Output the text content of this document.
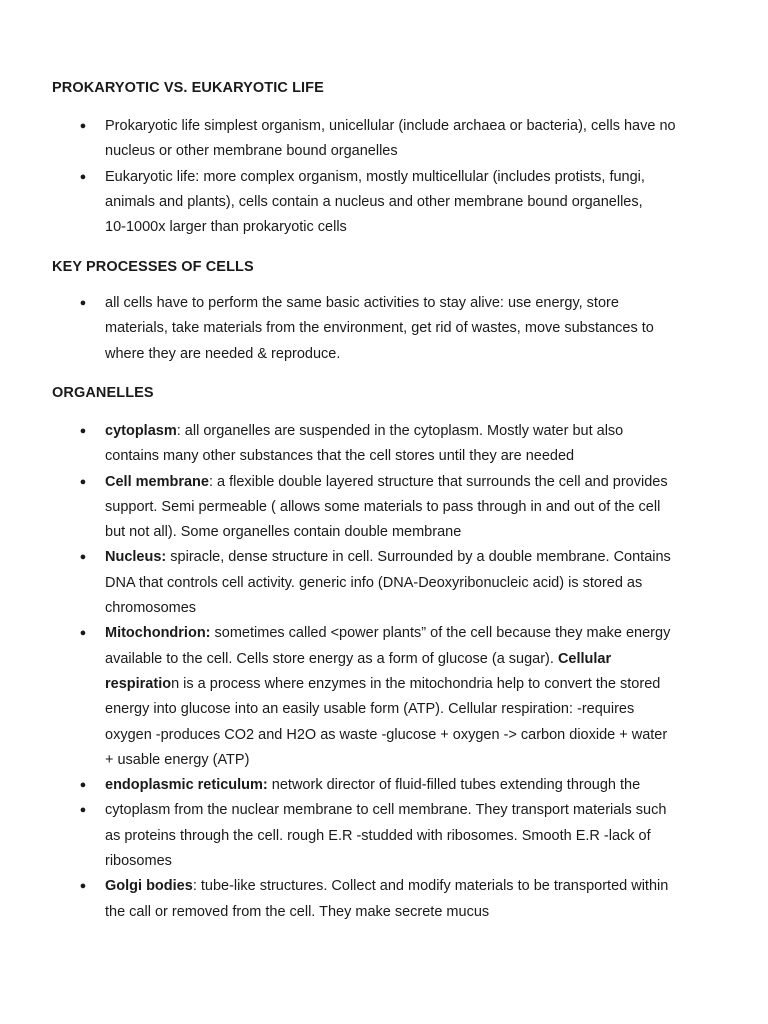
PROKARYOTIC VS. EUKARYOTIC LIFE
● Prokaryotic life simplest organism, unicellular (include archaea or bacteria), cells have no
nucleus or other membrane bound organelles
● Eukaryotic life: more complex organism, mostly multicellular (includes protists, fungi,
animals and plants), cells contain a nucleus and other membrane bound organelles,
10-1000x larger than prokaryotic cells
KEY PROCESSES OF CELLS
● all cells have to perform the same basic activities to stay alive: use energy, store
materials, take materials from the environment, get rid of wastes, move substances to
where they are needed & reproduce.
ORGANELLES
● cytoplasm: all organelles are suspended in the cytoplasm. Mostly water but also
contains many other substances that the cell stores until they are needed
● Cell membrane: a flexible double layered structure that surrounds the cell and provides
support. Semi permeable ( allows some materials to pass through in and out of the cell
but not all). Some organelles contain double membrane
● Nucleus: spiracle, dense structure in cell. Surrounded by a double membrane. Contains
DNA that controls cell activity. generic info (DNA-Deoxyribonucleic acid) is stored as
chromosomes
● Mitochondrion: sometimes called <power plants” of the cell because they make energy
available to the cell. Cells store energy as a form of glucose (a sugar). Cellular
respiration is a process where enzymes in the mitochondria help to convert the stored
energy into glucose into an easily usable form (ATP). Cellular respiration: -requires
oxygen -produces CO2 and H2O as waste -glucose + oxygen -> carbon dioxide + water
+ usable energy (ATP)
● endoplasmic reticulum: network director of fluid-filled tubes extending through the
● cytoplasm from the nuclear membrane to cell membrane. They transport materials such
as proteins through the cell. rough E.R -studded with ribosomes. Smooth E.R -lack of
ribosomes
● Golgi bodies: tube-like structures. Collect and modify materials to be transported within
the call or removed from the cell. They make secrete mucus
